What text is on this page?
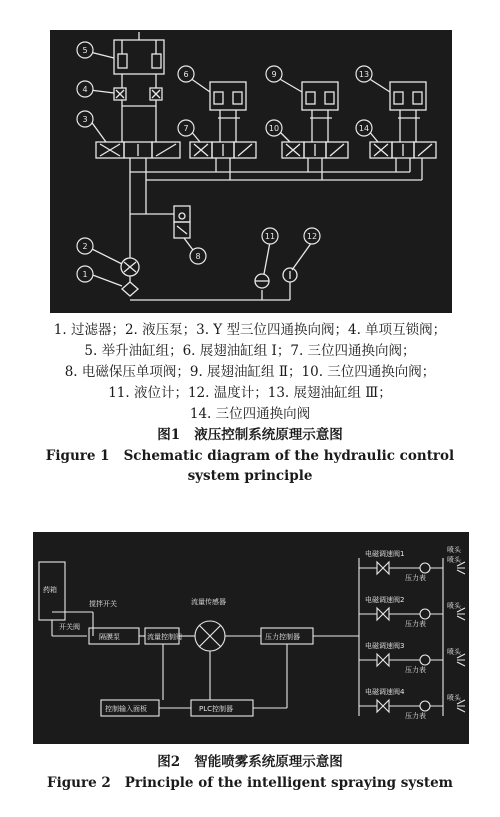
5
4
3
6
7
9
10
13
14
2
1
8
11	12
1. 过滤器；2. 液压泵；3. Y 型三位四通换向阀；4. 单项互锁阀；
5. 举升油缸组；6. 展翅油缸组 Ⅰ；7. 三位四通换向阀；
8. 电磁保压单项阀；9. 展翅油缸组 Ⅱ；10. 三位四通换向阀；
11. 液位计；12. 温度计；13. 展翅油缸组 Ⅲ；
14. 三位四通换向阀
图1 液压控制系统原理示意图
Figure 1 Schematic diagram of the hydraulic control
system principle
药箱
搅拌开关
开关阀
隔膜泵	流量控制阀
流量传感器
压力控制器
PLC控制器
控制输入面板
喷头
电磁调速阀1
压力表
喷头
电磁调速阀2
压力表
喷头
电磁调速阀3
压力表
喷头
电磁调速阀4
压力表
喷头
图2 智能喷雾系统原理示意图
Figure 2 Principle of the intelligent spraying system
